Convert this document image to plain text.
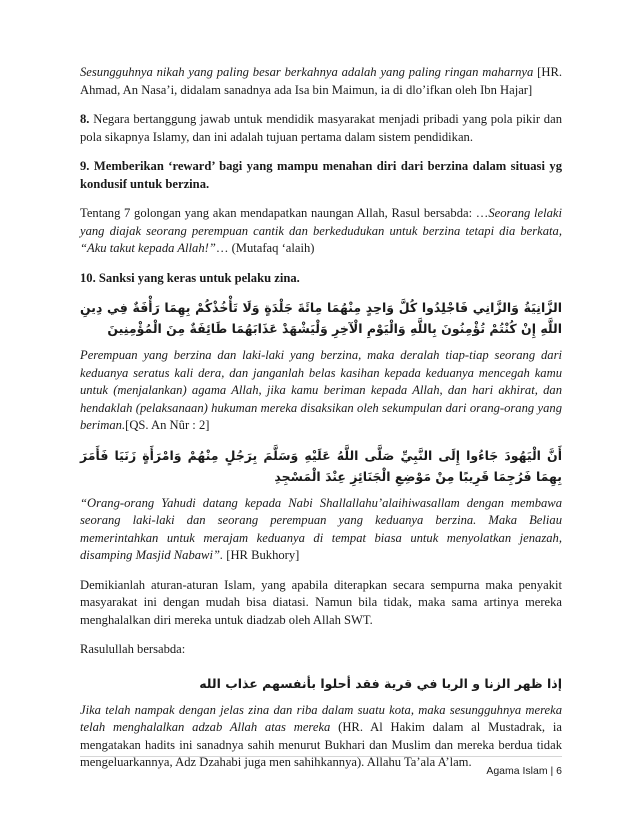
Sesungguhnya nikah yang paling besar berkahnya adalah yang paling ringan maharnya [HR. Ahmad, An Nasa’i, didalam sanadnya ada Isa bin Maimun, ia di dlo’ifkan oleh Ibn Hajar]

8. Negara bertanggung jawab untuk mendidik masyarakat menjadi pribadi yang pola pikir dan pola sikapnya Islamy, dan ini adalah tujuan pertama dalam sistem pendidikan.

9. Memberikan ‘reward’ bagi yang mampu menahan diri dari berzina dalam situasi yg kondusif untuk berzina.

Tentang 7 golongan yang akan mendapatkan naungan Allah, Rasul bersabda: …Seorang lelaki yang diajak seorang perempuan cantik dan berkedudukan untuk berzina tetapi dia berkata, “Aku takut kepada Allah!”… (Mutafaq ‘alaih)

10. Sanksi yang keras untuk pelaku zina.

الزَّانِيَةُ وَالزَّانِي فَاجْلِدُوا كُلَّ وَاحِدٍ مِنْهُمَا مِائَةَ جَلْدَةٍ وَلَا تَأْخُذْكُمْ بِهِمَا رَأْفَةٌ فِي دِينِ اللَّهِ إِنْ كُنْتُمْ تُؤْمِنُونَ بِاللَّهِ وَالْيَوْمِ الْآخِرِ وَلْيَشْهَدْ عَذَابَهُمَا طَائِفَةٌ مِنَ الْمُؤْمِنِينَ

Perempuan yang berzina dan laki-laki yang berzina, maka deralah tiap-tiap seorang dari keduanya seratus kali dera, dan janganlah belas kasihan kepada keduanya mencegah kamu untuk (menjalankan) agama Allah, jika kamu beriman kepada Allah, dan hari akhirat, dan hendaklah (pelaksanaan) hukuman mereka disaksikan oleh sekumpulan dari orang-orang yang beriman.[QS. An Nûr : 2]

أَنَّ الْيَهُودَ جَاءُوا إِلَى النَّبِيِّ صَلَّى اللَّهُ عَلَيْهِ وَسَلَّمَ بِرَجُلٍ مِنْهُمْ وَامْرَأَةٍ زَنَيَا فَأَمَرَ بِهِمَا فَرُجِمَا قَرِيبًا مِنْ مَوْضِعِ الْجَنَائِزِ عِنْدَ الْمَسْجِدِ

“Orang-orang Yahudi datang kepada Nabi Shallallahu’alaihiwasallam dengan membawa seorang laki-laki dan seorang perempuan yang keduanya berzina. Maka Beliau memerintahkan untuk merajam keduanya di tempat biasa untuk menyolatkan jenazah, disamping Masjid Nabawi”. [HR Bukhory]

Demikianlah aturan-aturan Islam, yang apabila diterapkan secara sempurna maka penyakit masyarakat ini dengan mudah bisa diatasi. Namun bila tidak, maka sama artinya mereka menghalalkan diri mereka untuk diadzab oleh Allah SWT.

Rasulullah bersabda:

إذا ظهر الزنا و الربا في قرية فقد أحلوا بأنفسهم عذاب الله

Jika telah nampak dengan jelas zina dan riba dalam suatu kota, maka sesungguhnya mereka telah menghalalkan adzab Allah atas mereka (HR. Al Hakim dalam al Mustadrak, ia mengatakan hadits ini sanadnya sahih menurut Bukhari dan Muslim dan mereka berdua tidak mengeluarkannya, Adz Dzahabi juga men sahihkannya). Allahu Ta’ala A’lam.

Agama Islam | 6
